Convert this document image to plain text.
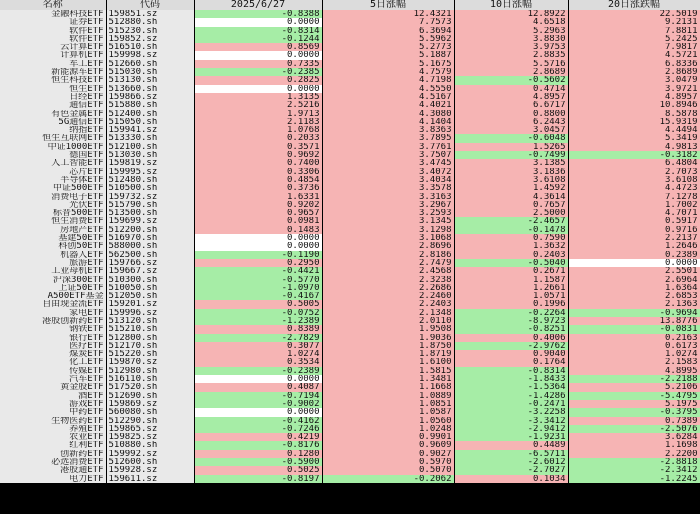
名称	代码	2025/6/27	5日涨幅	10日涨幅	20日涨跌幅
金融科技ETF	159851.sz	-0.8388	12.4321	12.8922	22.5019
证券ETF	512880.sh	0.0000	7.7573	4.6518	9.2131
软件ETF	515230.sh	-0.8314	6.3694	5.2963	7.8811
软件ETF	159852.sz	-0.1244	5.5962	3.8830	5.2425
云计算ETF	516510.sh	0.8569	5.2773	3.9753	7.9817
计算机ETF	159998.sz	0.0000	5.1887	2.8835	4.5721
军工ETF	512660.sh	0.7335	5.1675	5.5716	6.8336
新能源车ETF	515030.sh	-0.2385	4.7579	2.8689	2.8689
恒生科技ETF	513130.sh	0.2825	4.7198	-0.5602	3.0479
恒生ETF	513660.sh	0.0000	4.5550	0.4714	3.9721
日经ETF	159866.sz	1.3135	4.5167	4.8957	4.8957
通信ETF	515880.sh	2.5216	4.4021	6.6717	10.8946
有色金属ETF	512400.sh	1.9713	4.3080	0.8800	8.5878
5G通信ETF	515050.sh	2.1183	4.1404	6.2443	15.9319
纳指ETF	159941.sz	1.0768	3.8363	3.0457	4.4494
恒生互联网ETF	513330.sh	0.2033	3.7895	-0.6048	5.3419
中证1000ETF	512100.sh	0.3571	3.7761	1.5265	4.9813
德国ETF	513030.sh	0.9692	3.7507	-0.7499	-0.3182
人工智能ETF	159819.sz	0.7400	3.4745	3.1385	6.4804
芯片ETF	159995.sz	0.3306	3.4072	3.1836	2.7073
半导体ETF	512480.sh	0.4854	3.4034	3.6108	3.6108
中证500ETF	510500.sh	0.3736	3.3578	1.4592	4.4723
消费电子ETF	159732.sz	1.6331	3.3163	4.3614	7.1278
光伏ETF	515790.sh	0.9202	3.2967	0.7657	1.7002
标普500ETF	513500.sh	0.9657	3.2593	2.5000	4.7071
恒生消费ETF	159699.sz	0.0981	3.1345	-2.4657	0.5917
房地产ETF	512200.sh	0.1483	3.1298	-0.1478	0.9716
基建50ETF	516970.sh	0.0000	3.1068	0.7590	2.2137
科创50ETF	588000.sh	0.0000	2.8696	1.3632	1.2646
机器人ETF	562500.sh	-0.1190	2.8186	0.2403	0.2389
旅游ETF	159766.sz	0.2950	2.7479	-0.5040	0.0000
工业母机ETF	159667.sz	-0.4421	2.4568	0.2671	2.5501
沪深300ETF	510300.sh	-0.5770	2.3238	1.1587	2.6964
上证50ETF	510050.sh	-1.0970	2.2686	1.2661	1.6364
A500ETF基金	512050.sh	-0.4167	2.2460	1.0571	2.6853
自由现金流ETF	159201.sz	0.5005	2.2403	0.1996	2.1363
家电ETF	159996.sz	-0.0752	2.1348	-0.2264	-0.9694
港股创新药ETF	513120.sh	-1.2389	2.0110	-8.9723	13.8776
钢铁ETF	515210.sh	0.8389	1.9508	-0.8251	-0.0831
银行ETF	512800.sh	-2.7829	1.9036	0.4006	0.2163
医疗ETF	512170.sh	0.3077	1.8750	-2.9762	0.6173
煤炭ETF	515220.sh	1.0274	1.8719	0.9040	1.0274
化工ETF	159870.sz	0.3534	1.6100	0.1764	2.1583
传媒ETF	512980.sh	-0.2389	1.5815	-0.8314	4.8995
汽车ETF	516110.sh	0.0000	1.3481	-1.8433	-2.2188
黄金股ETF	517520.sh	0.4087	1.1668	-1.5364	5.2106
酒ETF	512690.sh	-0.7194	1.0889	-1.4286	-5.4795
游戏ETF	159869.sz	-0.9002	1.0851	-0.2471	5.1975
中药ETF	560080.sh	0.0000	1.0587	-3.2258	-0.3795
生物医药ETF	512290.sh	-0.4162	1.0560	-3.3412	0.7389
养殖ETF	159865.sz	-0.7246	1.0248	-2.9412	-2.5076
农业ETF	159825.sz	0.4219	0.9901	-1.9231	3.6284
红利ETF	510880.sh	-0.8176	0.9609	0.4489	1.1698
创新药ETF	159992.sz	0.1280	0.9027	-6.5711	2.2200
必选消费ETF	512600.sh	-0.5900	0.5970	-2.6012	-2.8818
港股通ETF	159928.sz	0.5025	0.5070	-2.7027	-2.3412
电力ETF	159611.sz	-0.8197	-0.2062	0.1034	-1.2245
